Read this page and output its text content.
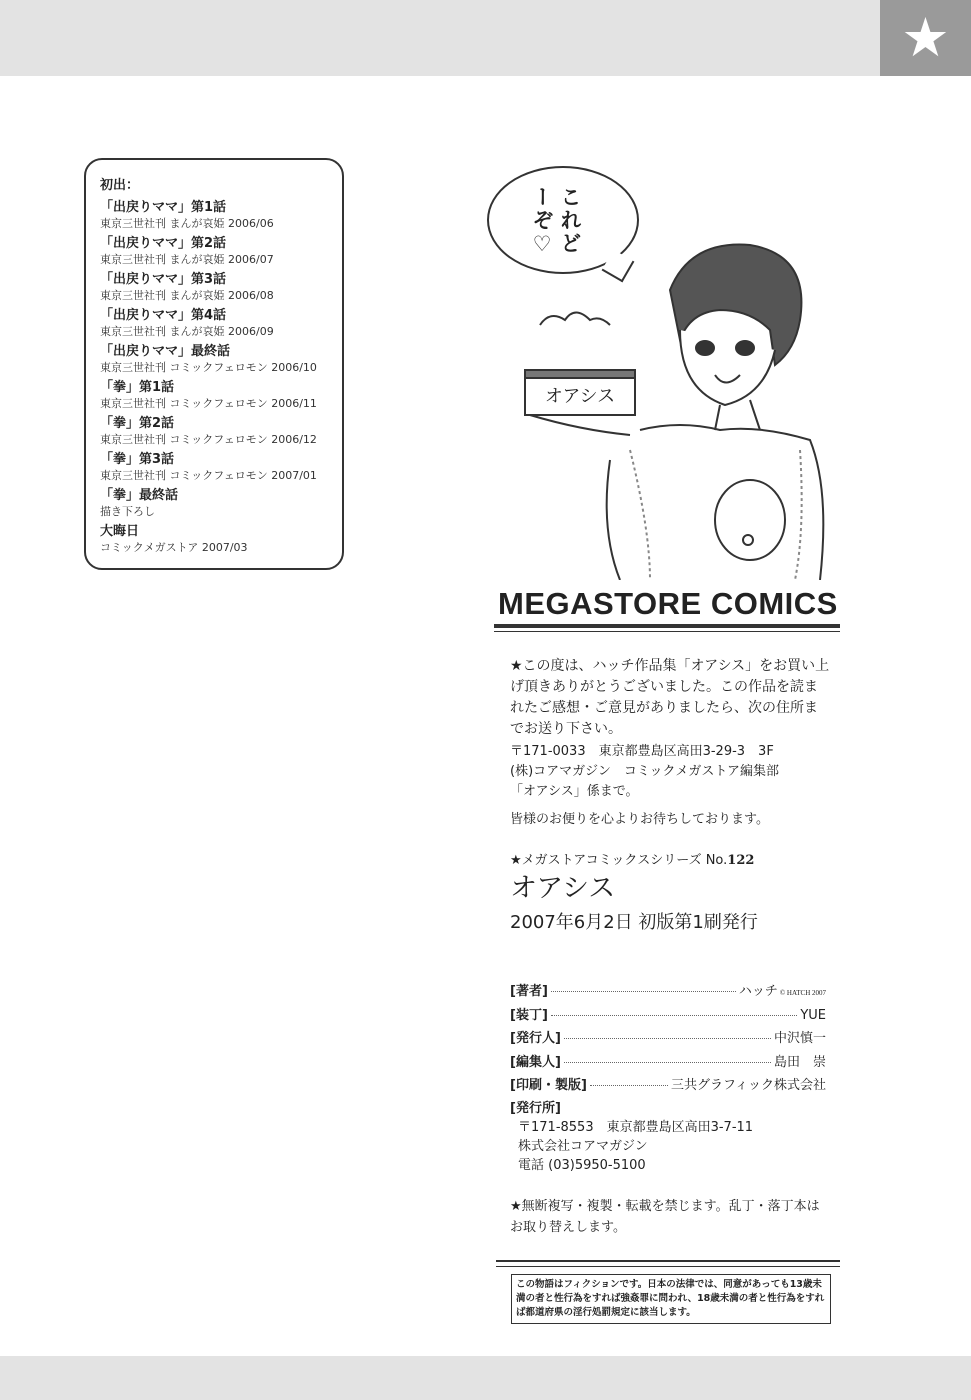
★
初出：
「出戻りママ」第1話
東京三世社刊 まんが哀姫 2006/06
「出戻りママ」第2話
東京三世社刊 まんが哀姫 2006/07
「出戻りママ」第3話
東京三世社刊 まんが哀姫 2006/08
「出戻りママ」第4話
東京三世社刊 まんが哀姫 2006/09
「出戻りママ」最終話
東京三世社刊 コミックフェロモン 2006/10
「拳」第1話
東京三世社刊 コミックフェロモン 2006/11
「拳」第2話
東京三世社刊 コミックフェロモン 2006/12
「拳」第3話
東京三世社刊 コミックフェロモン 2007/01
「拳」最終話
描き下ろし
大晦日
コミックメガストア 2007/03
オアシス
これどーぞ♡
MEGASTORE COMICS
★この度は、ハッチ作品集「オアシス」をお買い上げ頂きありがとうございました。この作品を読まれたご感想・ご意見がありましたら、次の住所までお送り下さい。
〒171-0033　東京都豊島区高田3-29-3　3F
(株)コアマガジン　コミックメガストア編集部
「オアシス」係まで。
皆様のお便りを心よりお待ちしております。
★メガストアコミックスシリーズ No.122
オアシス
2007年6月2日 初版第1刷発行
[著者]	ハッチ © HATCH 2007
[装丁]	YUE
[発行人]	中沢慎一
[編集人]	島田　崇
[印刷・製版]	三共グラフィック株式会社
[発行所]
〒171-8553　東京都豊島区高田3-7-11
株式会社コアマガジン
電話 (03)5950-5100
★無断複写・複製・転載を禁じます。乱丁・落丁本はお取り替えします。
この物語はフィクションです。日本の法律では、同意があっても13歳未満の者と性行為をすれば強姦罪に問われ、18歳未満の者と性行為をすれば都道府県の淫行処罰規定に該当します。
